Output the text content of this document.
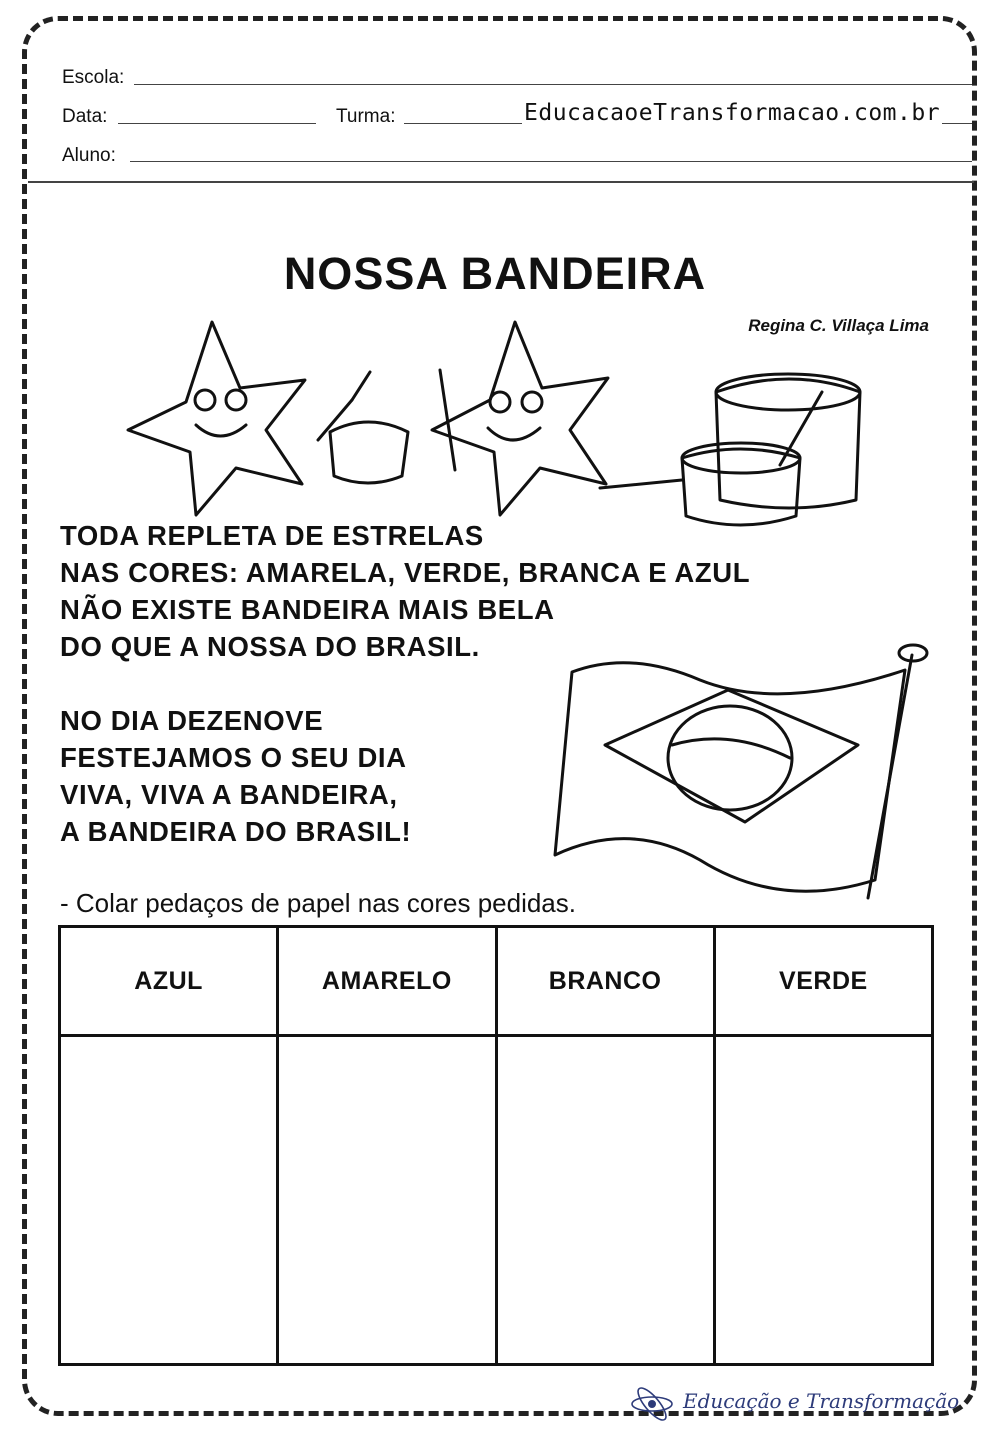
Escola:
Data:	Turma:	EducacaoeTransformacao.com.br
Aluno:
NOSSA BANDEIRA
Regina C. Villaça Lima
TODA REPLETA DE ESTRELAS
NAS CORES: AMARELA, VERDE, BRANCA E AZUL
NÃO EXISTE BANDEIRA MAIS BELA
DO QUE A NOSSA DO BRASIL.
NO DIA DEZENOVE
FESTEJAMOS O SEU DIA
VIVA, VIVA A BANDEIRA,
A BANDEIRA DO BRASIL!
- Colar pedaços de papel nas cores pedidas.
AZUL	AMARELO	BRANCO	VERDE

Educação e Transformação
